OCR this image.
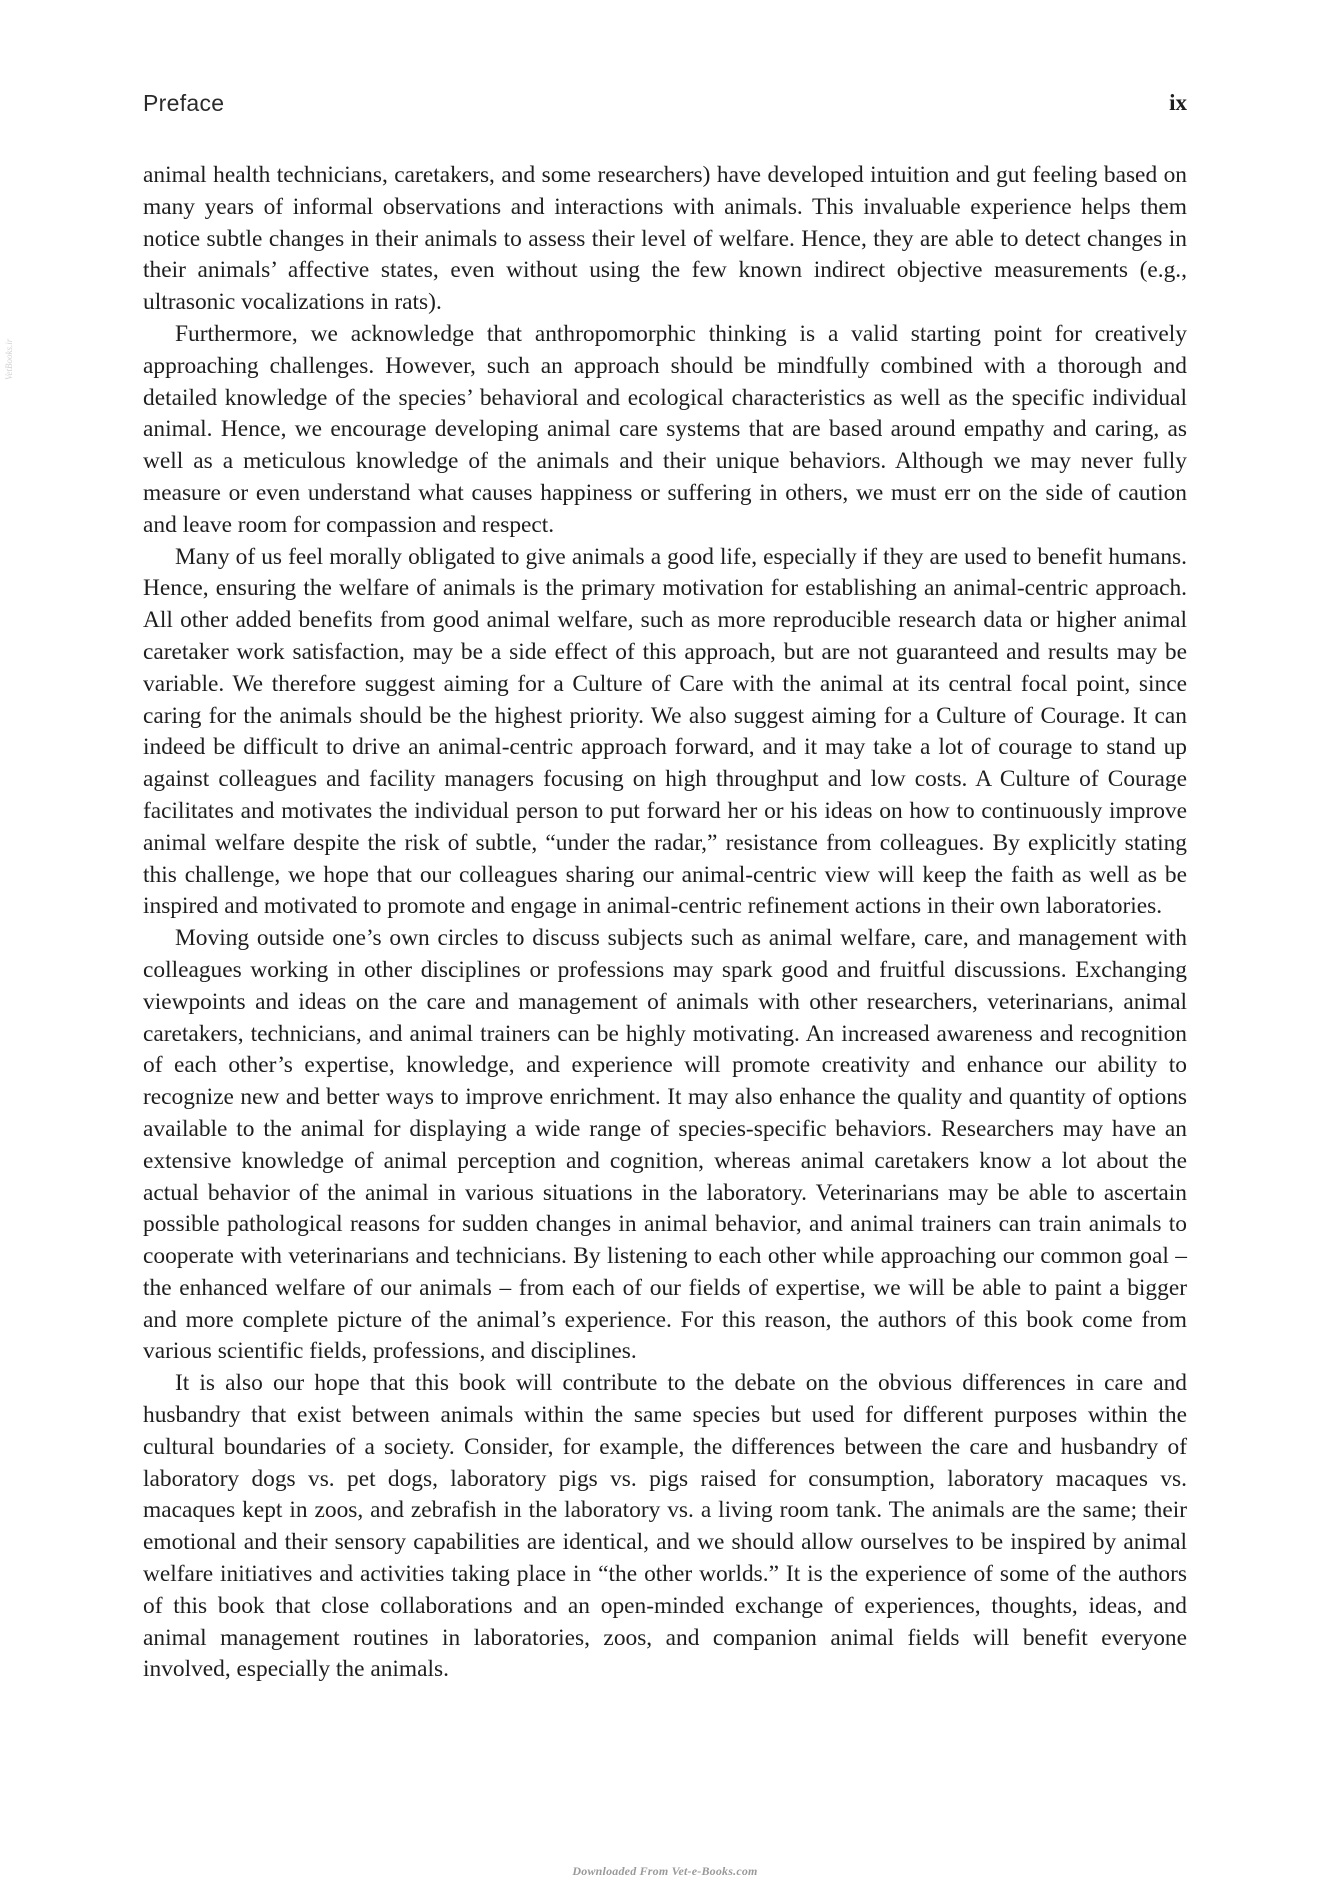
Preface	ix
VetBooks.ir

animal health technicians, caretakers, and some researchers) have developed intuition and gut feeling based on many years of informal observations and interactions with animals. This invaluable experience helps them notice subtle changes in their animals to assess their level of welfare. Hence, they are able to detect changes in their animals’ affective states, even without using the few known indirect objective measurements (e.g., ultrasonic vocalizations in rats).

Furthermore, we acknowledge that anthropomorphic thinking is a valid starting point for creatively approaching challenges. However, such an approach should be mindfully combined with a thorough and detailed knowledge of the species’ behavioral and ecological characteristics as well as the specific individual animal. Hence, we encourage developing animal care systems that are based around empathy and caring, as well as a meticulous knowledge of the animals and their unique behaviors. Although we may never fully measure or even understand what causes happiness or suffering in others, we must err on the side of caution and leave room for compassion and respect.

Many of us feel morally obligated to give animals a good life, especially if they are used to benefit humans. Hence, ensuring the welfare of animals is the primary motivation for establishing an animal-centric approach. All other added benefits from good animal welfare, such as more reproducible research data or higher animal caretaker work satisfaction, may be a side effect of this approach, but are not guaranteed and results may be variable. We therefore suggest aiming for a Culture of Care with the animal at its central focal point, since caring for the animals should be the highest priority. We also suggest aiming for a Culture of Courage. It can indeed be difficult to drive an animal-centric approach forward, and it may take a lot of courage to stand up against colleagues and facility managers focusing on high throughput and low costs. A Culture of Courage facilitates and motivates the individual person to put forward her or his ideas on how to continuously improve animal welfare despite the risk of subtle, “under the radar,” resistance from colleagues. By explicitly stating this challenge, we hope that our colleagues sharing our animal-centric view will keep the faith as well as be inspired and motivated to promote and engage in animal-centric refinement actions in their own laboratories.

Moving outside one’s own circles to discuss subjects such as animal welfare, care, and management with colleagues working in other disciplines or professions may spark good and fruitful discussions. Exchanging viewpoints and ideas on the care and management of animals with other researchers, veterinarians, animal caretakers, technicians, and animal trainers can be highly motivating. An increased awareness and recognition of each other’s expertise, knowledge, and experience will promote creativity and enhance our ability to recognize new and better ways to improve enrichment. It may also enhance the quality and quantity of options available to the animal for displaying a wide range of species-specific behaviors. Researchers may have an extensive knowledge of animal perception and cognition, whereas animal caretakers know a lot about the actual behavior of the animal in various situations in the laboratory. Veterinarians may be able to ascertain possible pathological reasons for sudden changes in animal behavior, and animal trainers can train animals to cooperate with veterinarians and technicians. By listening to each other while approaching our common goal – the enhanced welfare of our animals – from each of our fields of expertise, we will be able to paint a bigger and more complete picture of the animal’s experience. For this reason, the authors of this book come from various scientific fields, professions, and disciplines.

It is also our hope that this book will contribute to the debate on the obvious differences in care and husbandry that exist between animals within the same species but used for different purposes within the cultural boundaries of a society. Consider, for example, the differences between the care and husbandry of laboratory dogs vs. pet dogs, laboratory pigs vs. pigs raised for consumption, laboratory macaques vs. macaques kept in zoos, and zebrafish in the laboratory vs. a living room tank. The animals are the same; their emotional and their sensory capabilities are identical, and we should allow ourselves to be inspired by animal welfare initiatives and activities taking place in “the other worlds.” It is the experience of some of the authors of this book that close collaborations and an open-minded exchange of experiences, thoughts, ideas, and animal management routines in laboratories, zoos, and companion animal fields will benefit everyone involved, especially the animals.

Downloaded From Vet-e-Books.com
